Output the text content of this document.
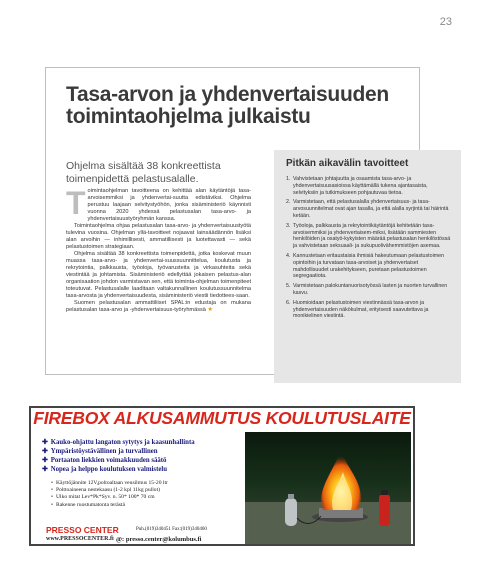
23
Tasa-arvon ja yhdenvertaisuuden toimintaohjelma julkaistu

Ohjelma sisältää 38 konkreettista toimenpidettä pelastusalalle.

Toimintaohjelman tavoitteena on kehittää alan käytäntöjä tasa-arvoisemmiksi ja yhdenvertai-suutta edistäviksi. Ohjelma perustuu laajaan selvitystyöhön, jonka sisäministeriö käynnisti vuonna 2020 yhdessä pelastusalan tasa-arvo- ja yhdenvertaisuustyöryhmän kanssa.

Toimintaohjelma ohjaa pelastusalan tasa-arvo- ja yhdenvertaisuustyötä tulevina vuosina. Ohjelman yllä-tavoitteet nojaavat lainsäädännön lisäksi alan arvoihin — inhimillisesti, ammatillisesti ja luotettavasti — sekä pelastustoimen strategiaan.

Ohjelma sisältää 38 konkreettista toimenpidettä, jotka koskevat muun muassa tasa-arvo- ja yhdenvertai-suussuunnittelua, koulutusta ja rekrytointia, palkkausta, työoloja, työvarusteita ja virkasuhteita sekä viestintää ja johtamista. Sisäministeriö edellyttää jokaisen pelastus-alan organisaation johdon varmistavan sen, että toiminta-ohjelman toimenpiteet toteutuvat. Pelastusalalle laaditaan valtakunnallinen koulutussuunnitelma tasa-arvosta ja yhdenvertaisuudesta, sisäministeriö viestii tiedottees-saan.

Suomen pelastusalan ammattiliiset SPAL:in edustaja on mukana pelastusalan tasa-arvo ja -yhdenvertaisuus-työryhmässä ★

Pitkän aikavälin tavoitteet
1. Vahvistetaan johtajuutta ja osaamista tasa-arvo- ja yhdenvertaisuusasioissa käyttämällä tukena ajantasaista, selvityksiin ja tutkimukseen pohjautuvaa tietoa.
2. Varmistetaan, että pelastusalalla yhdenvertaisuus- ja tasa-arvosuunnitelmat ovat ajan tasalla, ja että alalla syrjintä tai häirintä ketään.
3. Työoloja, palkkausta ja rekrytointikäytäntöjä kehitetään tasa-arvoisemmiksi ja yhdenvertaisem-miksi, lisätään sammiesten henkilöiden ja osatyö-kykyisten määrää pelastusalan henkilöstössä ja vahvistetaan seksuaali- ja sukupuolivähemmistöjen asemaa.
4. Kannustetaan eritaustaisia ihmisiä hakeutumaan pelastustoimen opintoihin ja turvataan tasa-arvoiset ja yhdenvertaiset mahdollisuudet urakehitykseen, puretaan pelastustoimen segregaatiota.
5. Varmistetaan palokuntanuorisotyössä lasten ja nuorten turvallinen kasvu.
6. Huomioidaan pelastustoimen viestinnässä tasa-arvon ja yhdenvertaisuuden näkökulmat, erityisesti saavutettava ja monikielinen viestintä.
FIREBOX ALKUSAMMUTUS KOULUTUSLAITE
✚ Kauko-ohjattu langaton sytytys ja kaasunhallinta
✚ Ympäristöystävällinen ja turvallinen
✚ Portaaton liekkien voimakkuuden säätö
✚ Nopea ja helppo koulutuksen valmistelu
• Käyttöjännite 12V,poltoaltaan veusilmus 15-20 ltr
• Polttoaineena nestekaasu (1-2 kpl 11kg pullot)
• Ulko mitat Lev*Pk*Syv. n. 50* 100* 70 cm
• Rakenne ruostumatonta terästä
PRESSO CENTER	Puh.(019)340451 Fax:(019)340460
www.PRESSOCENTER.fi @: presso.center@kolumbus.fi
